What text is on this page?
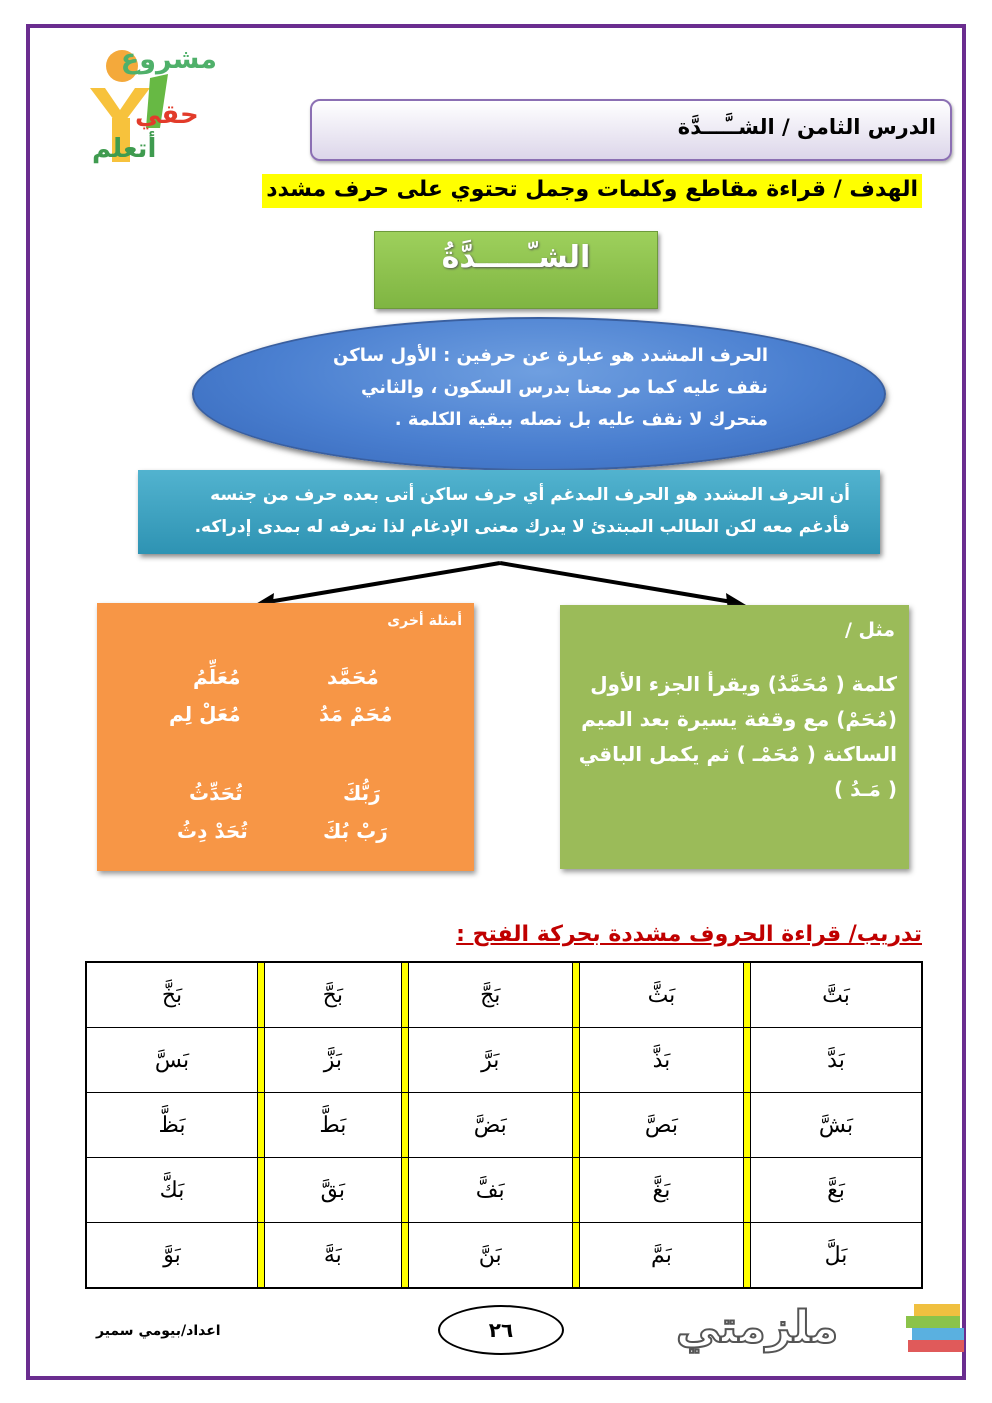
مشروع
حقي
أتعلم
الدرس الثامن / الشــَّـــدَّة
الهدف / قراءة مقاطع وكلمات وجمل تحتوي على حرف مشدد
الشـّـــــدَّةُ
الحرف المشدد هو عبارة عن حرفين : الأول ساكن
نقف عليه كما مر معنا بدرس السكون ، والثاني
متحرك لا نقف عليه بل نصله ببقية الكلمة .
أن الحرف المشدد هو الحرف المدغم أي حرف ساكن أتى بعده حرف من جنسه
فأدغم معه لكن الطالب المبتدئ لا يدرك معنى الإدغام لذا نعرفه له بمدى إدراكه.
أمثلة أخرى
مُحَمَّد
مُعَلِّمُ
مُحَمْ مَدُ
مُعَلْ لِم
رَبُّكَ
تُحَدِّثُ
رَبْ بُكَ
تُحَدْ دِثُ
مثل /
كلمة ( مُحَمَّدُ) ويقرأ الجزء الأول
(مُحَمْ) مع وقفة يسيرة بعد الميم
الساكنة ( مُحَمْـ ) ثم يكمل الباقي
( مَـدُ )
تدريب/ قراءة الحروف مشددة بحركة الفتح :
بَتَّ		بَثَّ		بَجَّ		بَحَّ		بَخَّ
بَدَّ		بَذَّ		بَرَّ		بَزَّ		بَسَّ
بَشَّ		بَصَّ		بَضَّ		بَطَّ		بَظَّ
بَعَّ		بَغَّ		بَفَّ		بَقَّ		بَكَّ
بَلَّ		بَمَّ		بَنَّ		بَهَّ		بَوَّ
٢٦
اعداد/بيومي سمير	ملزمتي
